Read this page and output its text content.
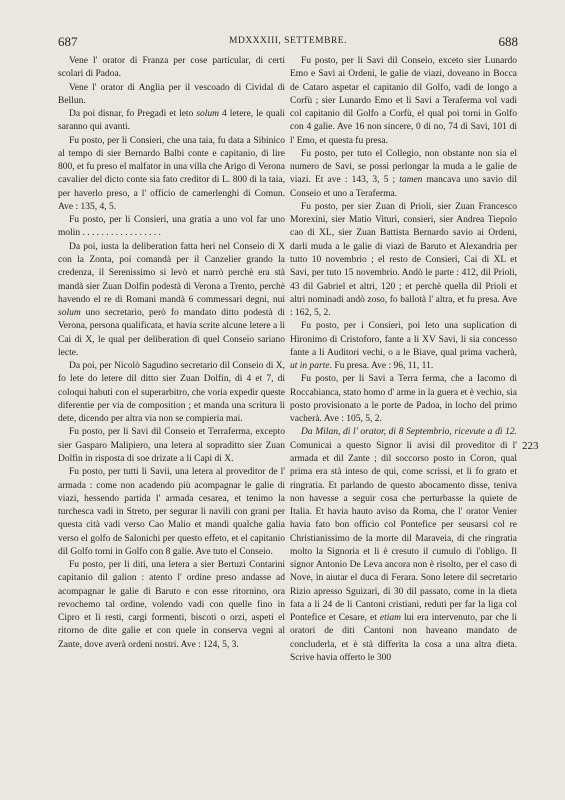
687	MDXXXIII, SETTEMBRE.	688

Vene l' orator di Franza per cose particular, di certi scolari di Padoa.

Vene l' orator di Anglia per il vescoado di Cividal di Bellun.

Da poi disnar, fo Pregadi et leto solum 4 letere, le quali saranno qui avanti.

Fu posto, per li Consieri, che una taia, fu data a Sibinico al tempo di sier Bernardo Balbi conte e capitanio, di lire 800, et fu preso el malfator in una villa che Arigo di Verona cavalier del dicto conte sia fato creditor di L. 800 di la taia, per haverlo preso, a l' officio de camerlenghi di Comun. Ave : 135, 4, 5.

Fu posto, per li Consieri, una gratia a uno vol far uno molin . . . . . . . . . . . . . . . . .

Da poi, iusta la deliberation fatta heri nel Conseio di X con la Zonta, poi comandà per il Canzelier grando la credenza, il Serenissimo si levò et narrò perchè era stà mandà sier Zuan Dolfin podestà di Verona a Trento, perchè havendo el re di Romani mandà 6 commessari degni, nui solum uno secretario, però fo mandato ditto podestà di Verona, persona qualificata, et havia scrite alcune letere a li Cai di X, le qual per deliberation di quel Conseio sariano lecte.

Da poi, per Nicolò Sagudino secretario dil Conseio di X, fo lete do letere dil ditto sier Zuan Dolfin, di 4 et 7, di coloqui habuti con el superarbitro, che voria expedir queste diferentie per via de composition ; et manda una scritura li dete, dicendo per altra via non se compieria mai.

Fu posto, per li Savi dil Conseio et Terraferma, excepto sier Gasparo Malipiero, una letera al sopraditto sier Zuan Dolfin in risposta di soe drizate a li Capi di X.

Fu posto, per tutti li Savii, una letera al proveditor de l' armada : come non acadendo più acompagnar le galie di viazi, hessendo partida l' armada cesarea, et tenimo la turchesca vadi in Streto, per segurar li navili con grani per questa cità vadi verso Cao Malio et mandi qualche galia verso el golfo de Salonichi per questo effeto, et el capitanio dil Golfo torni in Golfo con 8 galie. Ave tuto el Conseio.

Fu posto, per li diti, una letera a sier Bertuzi Contarini capitanio dil galion : atento l' ordine preso andasse ad acompagnar le galie di Baruto e con esse ritornino, ora revochemo tal ordine, volendo vadi con quelle fino in Cipro et li resti, cargi formenti, biscoti o orzi, aspeti el ritorno de dite galie et con quele in conserva vegni al Zante, dove averà ordeni nostri. Ave : 124, 5, 3.

Fu posto, per li Savi dil Conseio, exceto sier Lunardo Emo e Savi ai Ordeni, le galie de viazi, doveano in Bocca de Cataro aspetar el capitanio dil Golfo, vadi de longo a Corfù ; sier Lunardo Emo et li Savi a Teraferma vol vadi col capitanio dil Golfo a Corfù, el qual poi torni in Golfo con 4 galie. Ave 16 non sincere, 0 di no, 74 di Savi, 101 di l' Emo, et questa fu presa.

Fu posto, per tuto el Collegio, non obstante non sia el numero de Savi, se possi perlongar la muda a le galie de viazi. Et ave : 143, 3, 5 ; tamen mancava uno savio dil Conseio et uno a Teraferma.

Fu posto, per sier Zuan di Prioli, sier Zuan Francesco Morexini, sier Matio Vituri, consieri, sier Andrea Tiepolo cao di XL, sier Zuan Battista Bernardo savio ai Ordeni, darli muda a le galie di viazi de Baruto et Alexandria per tutto 10 novembrio ; el resto de Consieri, Cai di XL et Savi, per tuto 15 novembrio. Andò le parte : 412, dil Prioli, 43 dil Gabriel et altri, 120 ; et perchè quella dil Prioli et altri nominadi andò zoso, fo ballotà l' altra, et fu presa. Ave : 162, 5, 2.

Fu posto, per i Consieri, poi leto una suplication di Hironimo di Cristoforo, fante a li XV Savi, li sia concesso fante a li Auditori vechi, o a le Biave, qual prima vacherà, ut in parte. Fu presa. Ave : 96, 11, 11.

Fu posto, per li Savi a Terra ferma, che a Iacomo di Roccabianca, stato homo d' arme in la guera et è vechio, sia posto provisionato a le porte de Padoa, in locho del primo vacherà. Ave : 105, 5, 2.

Da Milan, di l' orator, di 8 Septembrio, ricevute a dì 12. Comunicai a questo Signor li avisi dil proveditor di l' armada et dil Zante ; dil soccorso posto in Coron, qual prima era stà inteso de qui, come scrissi, et li fo grato et ringratia. Et parlando de questo abocamento disse, teniva non havesse a seguir cosa che perturbasse la quiete de Italia. Et havia hauto aviso da Roma, che l' orator Venier havia fato bon officio col Pontefice per seusarsi col re Christianissimo de la morte dil Maraveia, di che ringratia molto la Signoria et li è cresuto il cumulo di l'obligo. Il signor Antonio De Leva ancora non è risolto, per el caso di Nove, in aiutar el duca di Ferara. Sono letere dil secretario Rizio apresso Sguizari, di 30 dil passato, come in la dieta fata a li 24 de li Cantoni cristiani, reduti per far la liga col Pontefice et Cesare, et etiam lui era intervenuto, par che li oratori de diti Cantoni non haveano mandato de concluderla, et è stà differita la cosa a una altra dieta. Scrive havia offerto le 300

223
